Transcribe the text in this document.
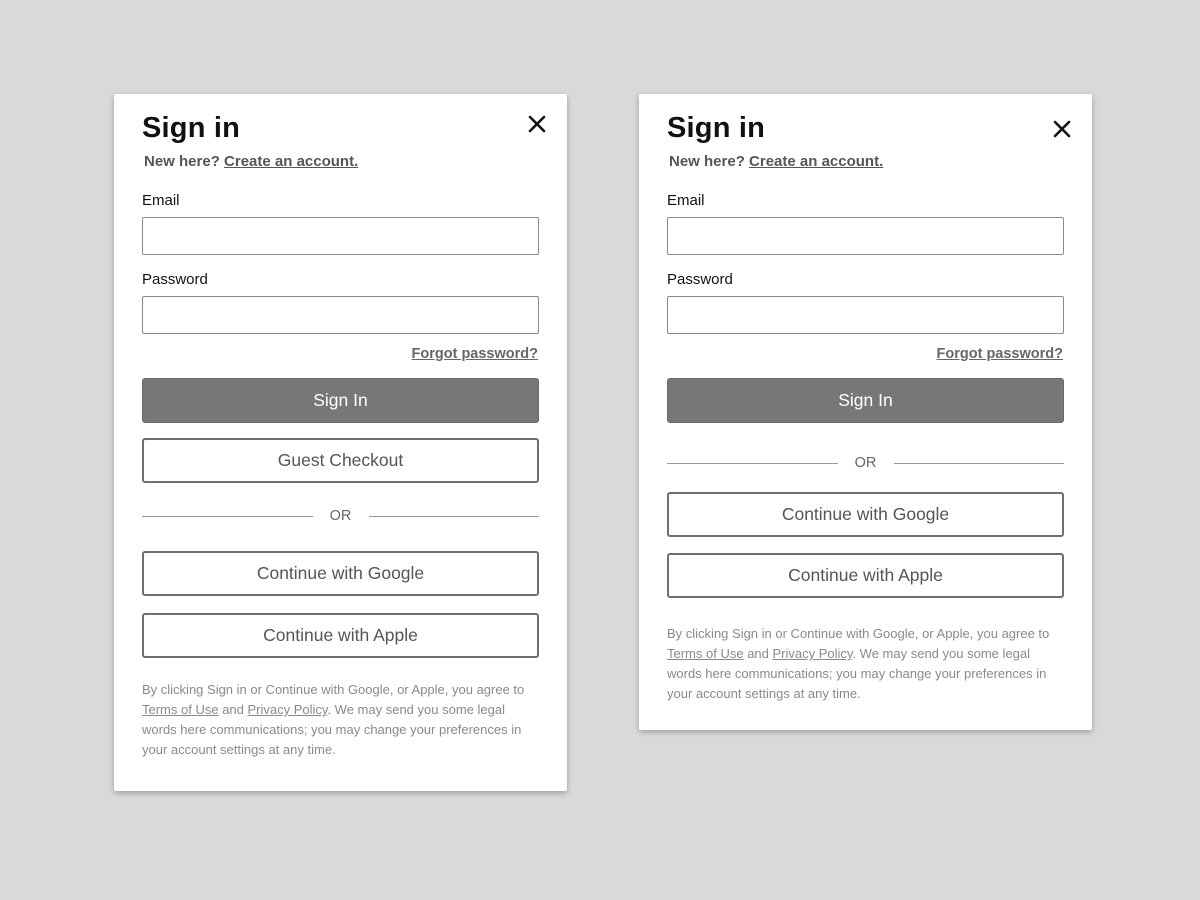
Sign in
New here? Create an account.
Email
Password
Forgot password?
Sign In
Guest Checkout
OR
Continue with Google
Continue with Apple
By clicking Sign in or Continue with Google, or Apple, you agree to Terms of Use and Privacy Policy. We may send you some legal words here communications; you may change your preferences in your account settings at any time.
Sign in
New here? Create an account.
Email
Password
Forgot password?
Sign In
OR
Continue with Google
Continue with Apple
By clicking Sign in or Continue with Google, or Apple, you agree to Terms of Use and Privacy Policy. We may send you some legal words here communications; you may change your preferences in your account settings at any time.
